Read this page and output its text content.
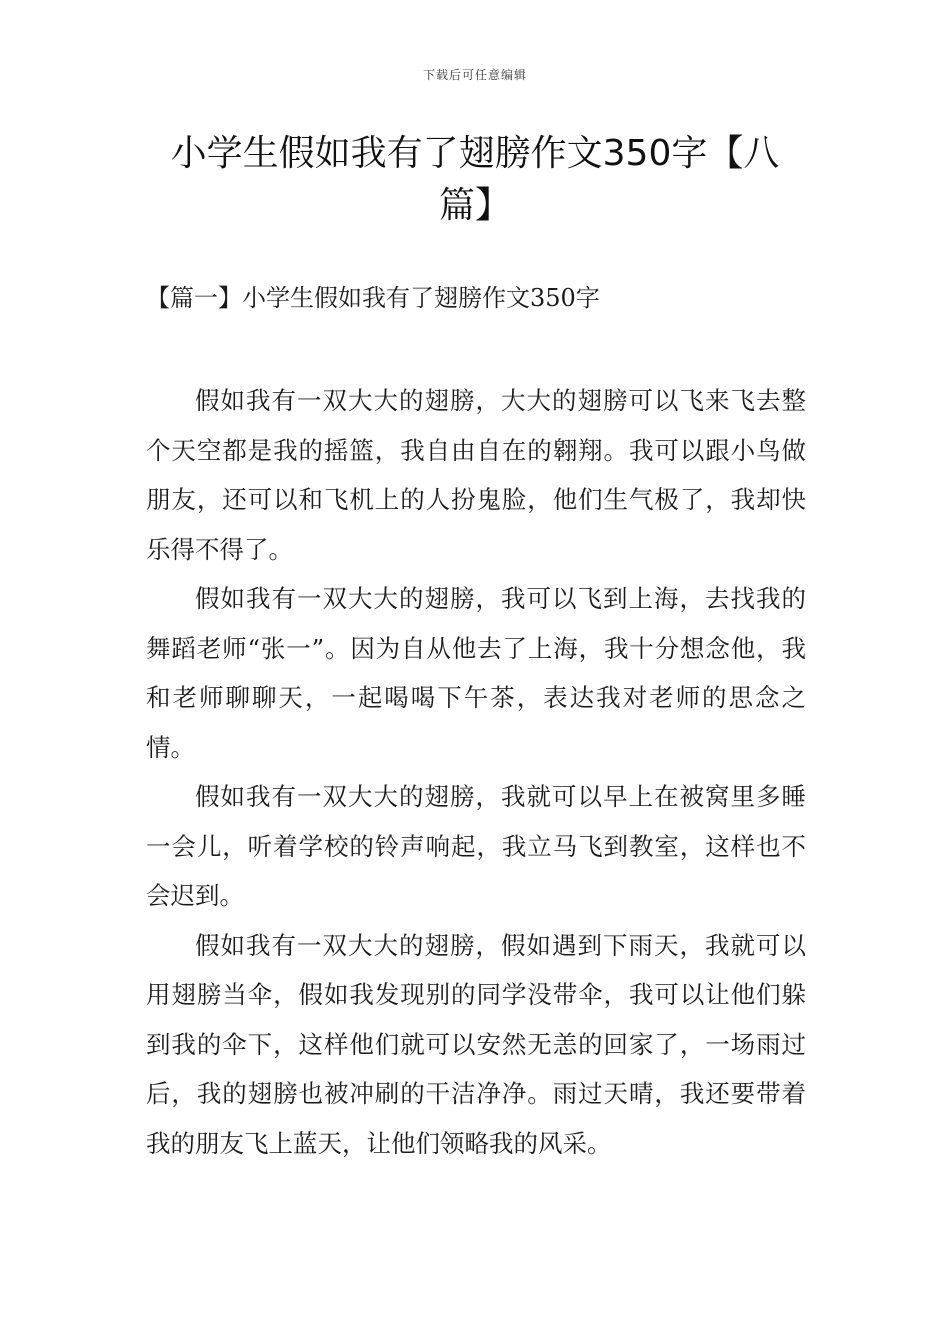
下载后可任意编辑
小学生假如我有了翅膀作文350字【八篇】
【篇一】小学生假如我有了翅膀作文350字

假如我有一双大大的翅膀，大大的翅膀可以飞来飞去整个天空都是我的摇篮，我自由自在的翱翔。我可以跟小鸟做朋友，还可以和飞机上的人扮鬼脸，他们生气极了，我却快乐得不得了。

假如我有一双大大的翅膀，我可以飞到上海，去找我的舞蹈老师“张一”。因为自从他去了上海，我十分想念他，我和老师聊聊天，一起喝喝下午茶，表达我对老师的思念之情。

假如我有一双大大的翅膀，我就可以早上在被窝里多睡一会儿，听着学校的铃声响起，我立马飞到教室，这样也不会迟到。

假如我有一双大大的翅膀，假如遇到下雨天，我就可以用翅膀当伞，假如我发现别的同学没带伞，我可以让他们躲到我的伞下，这样他们就可以安然无恙的回家了，一场雨过后，我的翅膀也被冲刷的干洁净净。雨过天晴，我还要带着我的朋友飞上蓝天，让他们领略我的风采。
